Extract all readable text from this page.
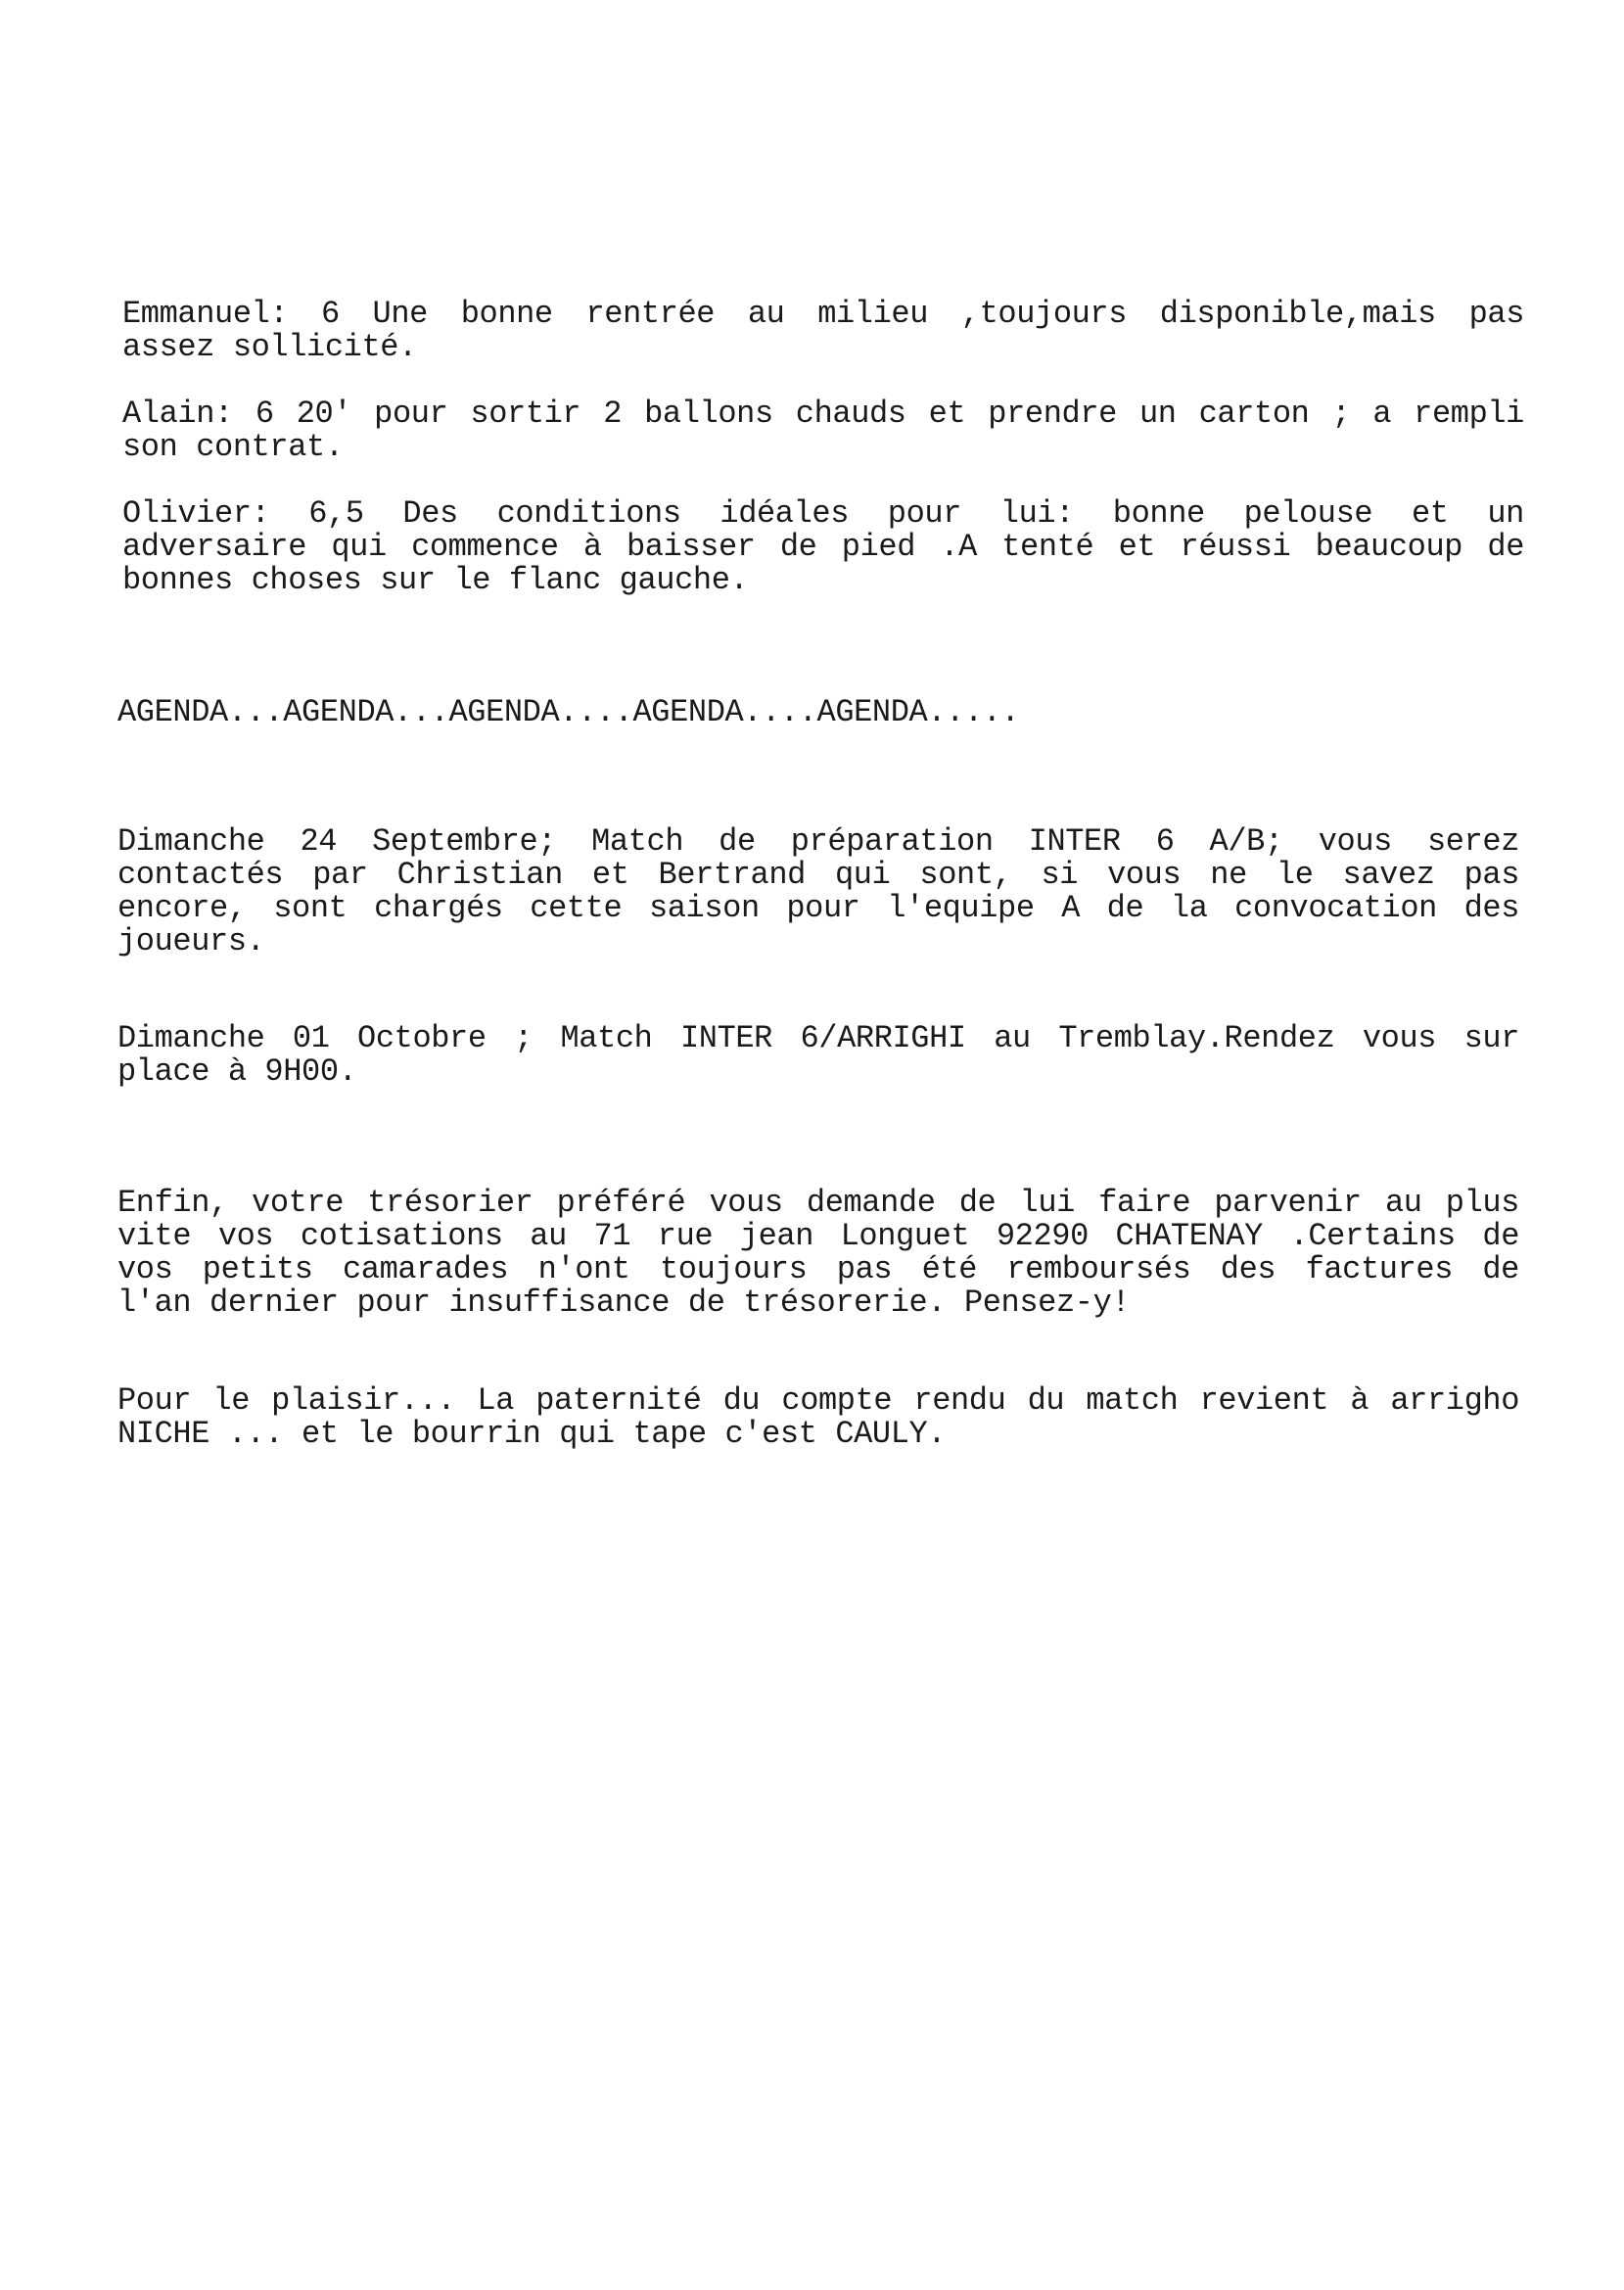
Emmanuel: 6 Une bonne rentrée au milieu ,toujours disponible,mais pas
assez sollicité.
Alain: 6 20' pour sortir 2 ballons chauds et prendre un carton ; a rempli
son contrat.
Olivier: 6,5 Des conditions idéales pour lui: bonne pelouse et un
adversaire qui commence à baisser de pied .A tenté et réussi beaucoup de
bonnes choses sur le flanc gauche.
AGENDA...AGENDA...AGENDA....AGENDA....AGENDA.....
Dimanche 24 Septembre; Match de préparation INTER 6 A/B; vous serez
contactés par Christian et Bertrand qui sont, si vous ne le savez pas
encore, sont chargés cette saison pour l'equipe A de la convocation des
joueurs.
Dimanche 01 Octobre ; Match INTER 6/ARRIGHI au Tremblay.Rendez vous sur
place à 9H00.
Enfin, votre trésorier préféré vous demande de lui faire parvenir au plus
vite vos cotisations au 71 rue jean Longuet 92290 CHATENAY .Certains de
vos petits camarades n'ont toujours pas été remboursés des factures de
l'an dernier pour insuffisance de trésorerie. Pensez-y!
Pour le plaisir... La paternité du compte rendu du match revient à arrigho
NICHE ... et le bourrin qui tape c'est CAULY.
